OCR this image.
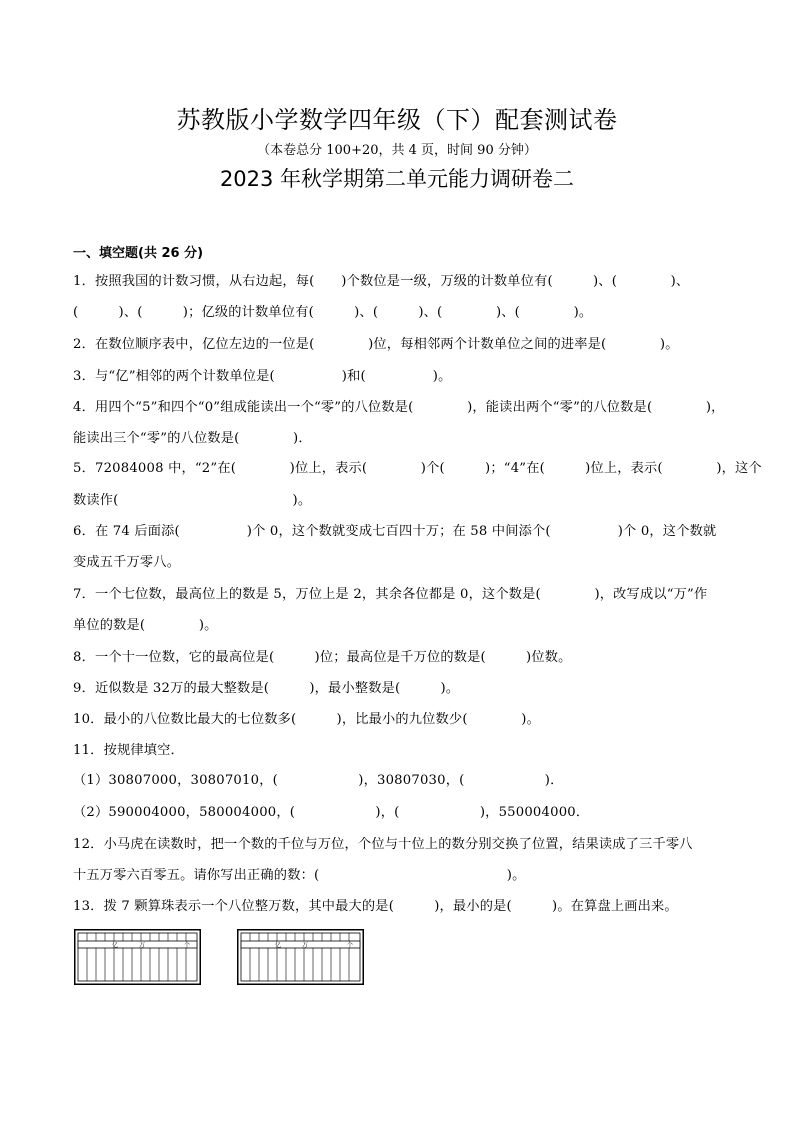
苏教版小学数学四年级（下）配套测试卷
（本卷总分 100+20，共 4 页，时间 90 分钟）
2023 年秋学期第二单元能力调研卷二
一、填空题(共 26 分)
1．按照我国的计数习惯，从右边起，每(　　)个数位是一级，万级的计数单位有(　　　)、(　　　　)、
(　　　)、(　　　)；亿级的计数单位有(　　　)、(　　　)、(　　　　)、(　　　　)。
2．在数位顺序表中，亿位左边的一位是(　　　　)位，每相邻两个计数单位之间的进率是(　　　　)。
3．与“亿”相邻的两个计数单位是(　　　　　)和(　　　　　)。
4．用四个“5”和四个“0”组成能读出一个“零”的八位数是(　　　　)，能读出两个“零”的八位数是(　　　　)，
能读出三个“零”的八位数是(　　　　)．
5．72084008 中，“2”在(　　　　)位上，表示(　　　　)个(　　　)；“4”在(　　　)位上，表示(　　　　)，这个
数读作(　　　　　　　　　　　　　)。
6．在 74 后面添(　　　　　)个 0，这个数就变成七百四十万；在 58 中间添个(　　　　　)个 0，这个数就
变成五千万零八。
7．一个七位数，最高位上的数是 5，万位上是 2，其余各位都是 0，这个数是(　　　　)，改写成以“万”作
单位的数是(　　　　)。
8．一个十一位数，它的最高位是(　　　)位；最高位是千万位的数是(　　　)位数。
9．近似数是 32万的最大整数是(　　　)，最小整数是(　　　)。
10．最小的八位数比最大的七位数多(　　　)，比最小的九位数少(　　　　)。
11．按规律填空．
（1）30807000，30807010，(　　　　　　)，30807030，(　　　　　　)．
（2）590004000，580004000，(　　　　　　)，(　　　　　　)，550004000．
12．小马虎在读数时，把一个数的千位与万位，个位与十位上的数分别交换了位置，结果读成了三千零八
十五万零六百零五。请你写出正确的数：(　　　　　　　　　　　　　　)。
13．拨 7 颗算珠表示一个八位整万数，其中最大的是(　　　)，最小的是(　　　)。在算盘上画出来。
亿	万	个	亿	万	个
